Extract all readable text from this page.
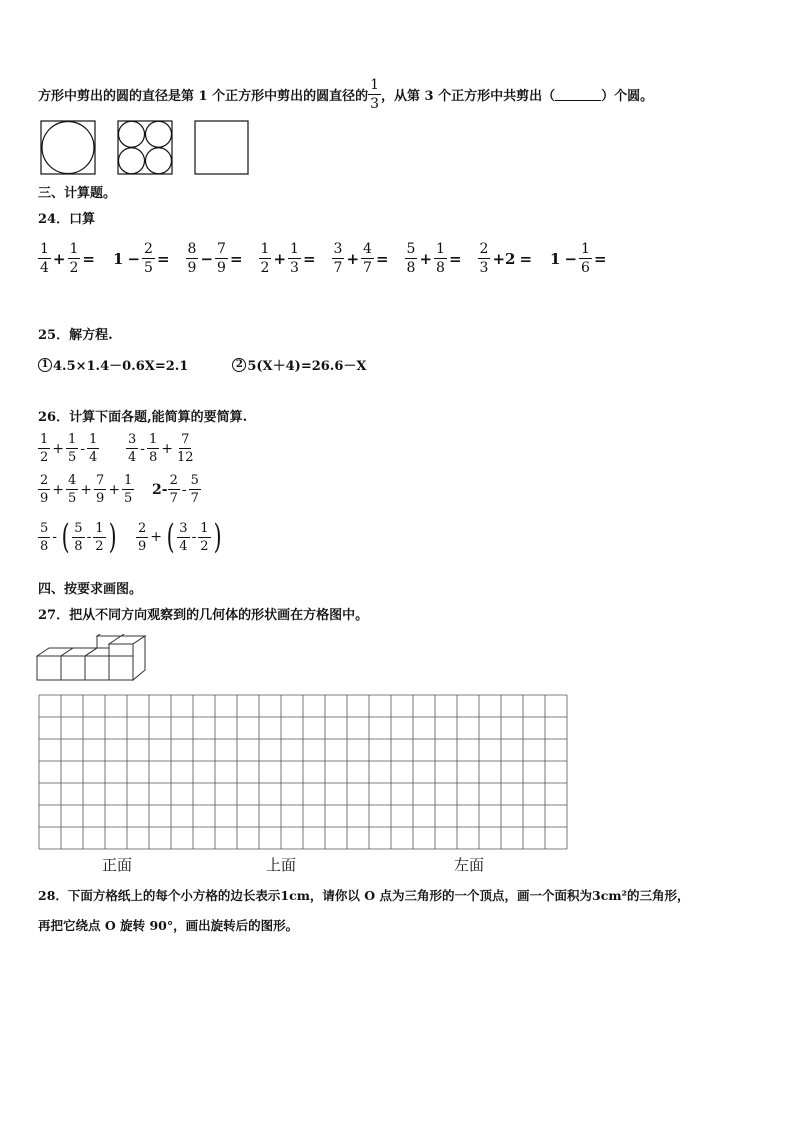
方形中剪出的圆的直径是第 1 个正方形中剪出的圆直径的 $\frac{1}{3}$ ，从第 3 个正方形中共剪出（	）个圆。
三、计算题。
24．口算
$\frac{1}{4} + \frac{1}{2} = 1 - \frac{2}{5} = \frac{8}{9} - \frac{7}{9} = \frac{1}{2} + \frac{1}{3} = \frac{3}{7} + \frac{4}{7} = \frac{5}{8} + \frac{1}{8} = \frac{2}{3} +2 = 1 - \frac{1}{6}$ =
25．解方程.
1 4.5×1.4－0.6X=2.1	2 5(X＋4)=26.6－X
26．计算下面各题,能简算的要简算.
$\frac{1}{2} + \frac{1}{5} - \frac{1}{4} \frac{3}{4} - \frac{1}{8} + \frac{7}{12}$
$\frac{2}{9} + \frac{4}{5} + \frac{7}{9} + \frac{1}{5} 2- \frac{2}{7} - \frac{5}{7}$
$\frac{5}{8}$ - ( $\frac{5}{8} - \frac{1}{2}$ ) $\frac{2}{9}$ + ( $\frac{3}{4} - \frac{1}{2}$ )
四、按要求画图。
27．把从不同方向观察到的几何体的形状画在方格图中。
正面	上面	左面
28．下面方格纸上的每个小方格的边长表示1cm，请你以 O 点为三角形的一个顶点，画一个面积为3cm²的三角形，
再把它绕点 O 旋转 90°，画出旋转后的图形。
